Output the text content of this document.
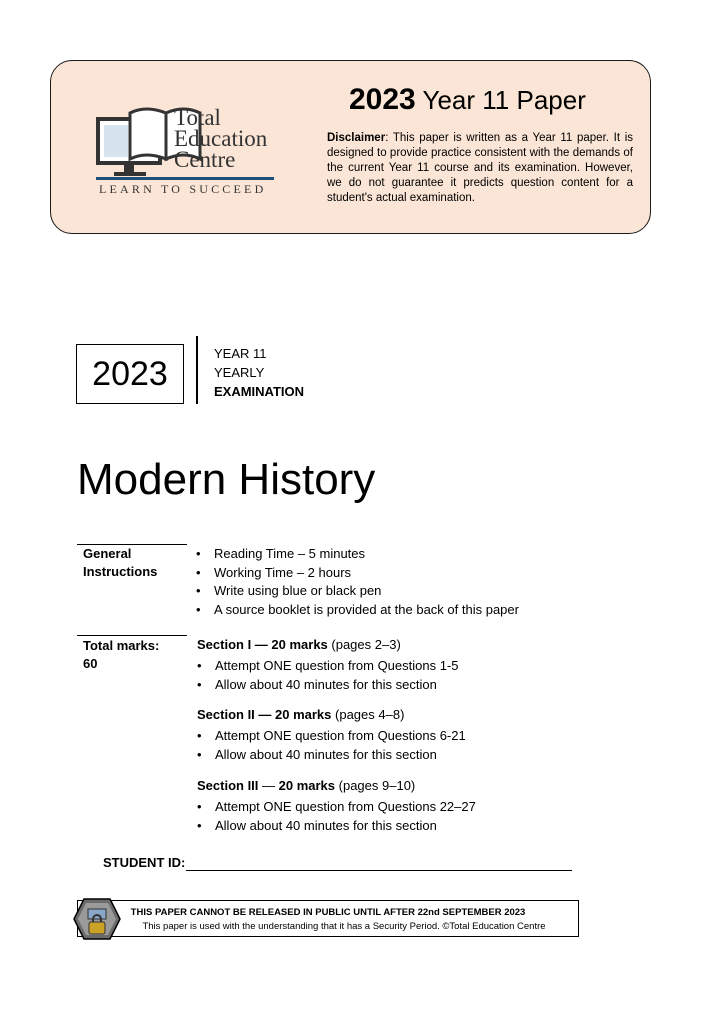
Total
Education
Centre
LEARN TO SUCCEED
2023 Year 11 Paper
Disclaimer: This paper is written as a Year 11 paper. It is designed to provide practice consistent with the demands of the current Year 11 course and its examination. However, we do not guarantee it predicts question content for a student's actual examination.
2023
YEAR 11
YEARLY
EXAMINATION
Modern History
General
Instructions
• Reading Time – 5 minutes
• Working Time – 2 hours
• Write using blue or black pen
• A source booklet is provided at the back of this paper
Total marks:
60
Section I — 20 marks (pages 2–3)
• Attempt ONE question from Questions 1-5
• Allow about 40 minutes for this section
Section II — 20 marks (pages 4–8)
• Attempt ONE question from Questions 6-21
• Allow about 40 minutes for this section
Section III — 20 marks (pages 9–10)
• Attempt ONE question from Questions 22–27
• Allow about 40 minutes for this section
STUDENT ID:
THIS PAPER CANNOT BE RELEASED IN PUBLIC UNTIL AFTER 22nd SEPTEMBER 2023
This paper is used with the understanding that it has a Security Period. ©Total Education Centre
